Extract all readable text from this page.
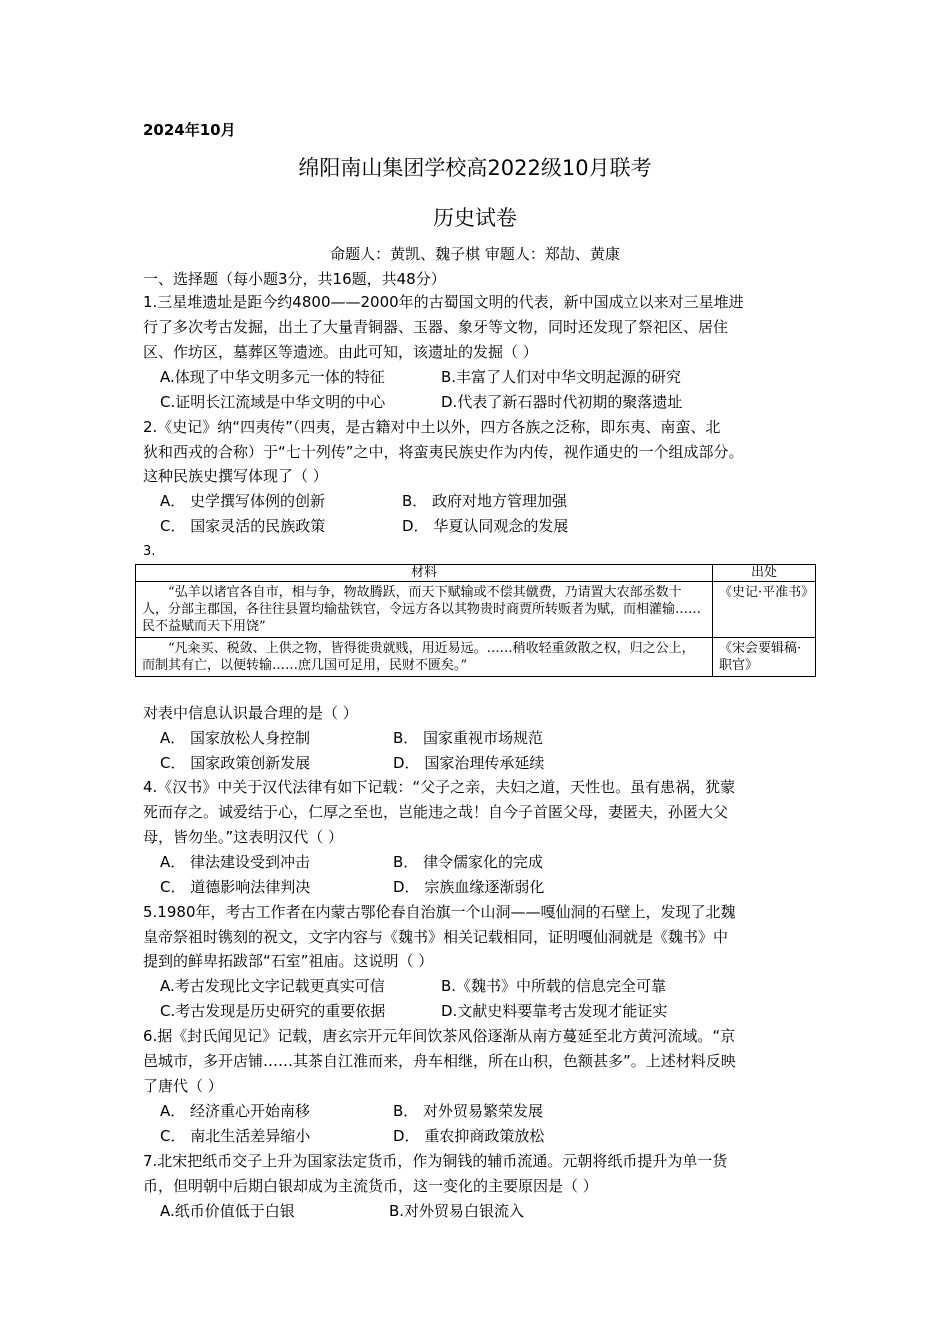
2024年10月
绵阳南山集团学校高2022级10月联考
历史试卷
命题人：黄凯、魏子棋 审题人：郑劼、黄康
一、选择题（每小题3分，共16题，共48分）
1.三星堆遗址是距今约4800——2000年的古蜀国文明的代表，新中国成立以来对三星堆进
行了多次考古发掘，出土了大量青铜器、玉器、象牙等文物，同时还发现了祭祀区、居住
区、作坊区，墓葬区等遗迹。由此可知，该遗址的发掘（ ）
A.体现了中华文明多元一体的特征	B.丰富了人们对中华文明起源的研究
C.证明长江流域是中华文明的中心	D.代表了新石器时代初期的聚落遗址
2.《史记》纳“四夷传”（四夷，是古籍对中土以外，四方各族之泛称，即东夷、南蛮、北
狄和西戎的合称）于“七十列传”之中，将蛮夷民族史作为内传，视作通史的一个组成部分。
这种民族史撰写体现了（ ）
A． 史学撰写体例的创新	B． 政府对地方管理加强
C． 国家灵活的民族政策	D． 华夏认同观念的发展
3.
材料	出处
“弘羊以诸官各自市，相与争，物故腾跃，而天下赋输或不偿其僦费，乃请置大农部丞数十人，分部主郡国，各往往县置均输盐铁官，令远方各以其物贵时商贾所转贩者为赋，而相灌输……民不益赋而天下用饶”	《史记·平准书》
“凡籴买、税敛、上供之物，皆得徙贵就贱，用近易远。……稍收轻重敛散之权，归之公上，而制其有亡，以便转输……庶几国可足用，民财不匮矣。”	《宋会要辑稿·职官》
对表中信息认识最合理的是（ ）
A． 国家放松人身控制	B． 国家重视市场规范
C． 国家政策创新发展	D． 国家治理传承延续
4.《汉书》中关于汉代法律有如下记载：“父子之亲，夫妇之道，天性也。虽有患祸，犹蒙
死而存之。诚爱结于心，仁厚之至也，岂能违之哉！自今子首匿父母，妻匿夫，孙匿大父
母，皆勿坐。”这表明汉代（ ）
A． 律法建设受到冲击	B． 律令儒家化的完成
C． 道德影响法律判决	D． 宗族血缘逐渐弱化
5.1980年，考古工作者在内蒙古鄂伦春自治旗一个山洞——嘎仙洞的石壁上，发现了北魏
皇帝祭祖时镌刻的祝文，文字内容与《魏书》相关记载相同，证明嘎仙洞就是《魏书》中
提到的鲜卑拓跋部“石室”祖庙。这说明（ ）
A.考古发现比文字记载更真实可信	B.《魏书》中所载的信息完全可靠
C.考古发现是历史研究的重要依据	D.文献史料要靠考古发现才能证实
6.据《封氏闻见记》记载，唐玄宗开元年间饮茶风俗逐渐从南方蔓延至北方黄河流域。“京
邑城市，多开店铺……其茶自江淮而来，舟车相继，所在山积，色额甚多”。上述材料反映
了唐代（ ）
A． 经济重心开始南移	B． 对外贸易繁荣发展
C． 南北生活差异缩小	D． 重农抑商政策放松
7.北宋把纸币交子上升为国家法定货币，作为铜钱的辅币流通。元朝将纸币提升为单一货
币，但明朝中后期白银却成为主流货币，这一变化的主要原因是（ ）
A.纸币价值低于白银	B.对外贸易白银流入
